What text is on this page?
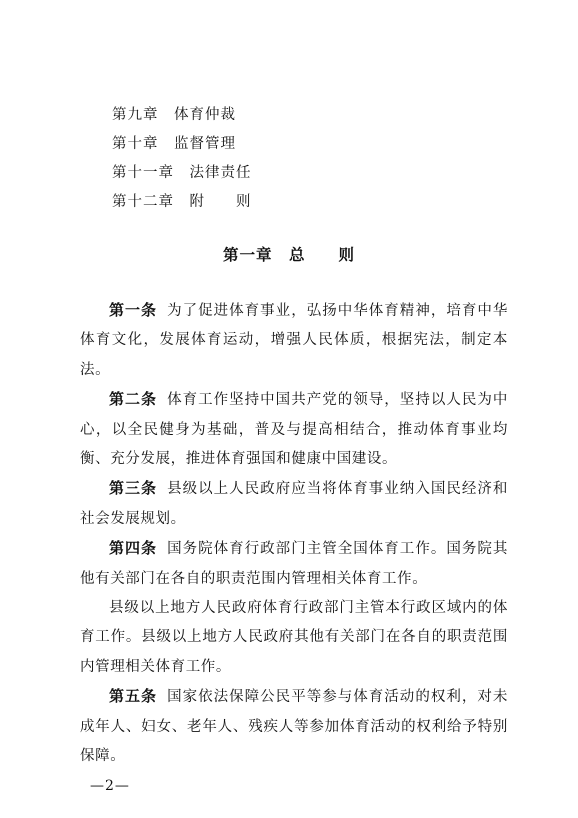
第九章　体育仲裁
第十章　监督管理
第十一章　法律责任
第十二章　附　　则
第一章　总　　则

第一条 为了促进体育事业，弘扬中华体育精神，培育中华体育文化，发展体育运动，增强人民体质，根据宪法，制定本法。

第二条 体育工作坚持中国共产党的领导，坚持以人民为中心，以全民健身为基础，普及与提高相结合，推动体育事业均衡、充分发展，推进体育强国和健康中国建设。

第三条 县级以上人民政府应当将体育事业纳入国民经济和社会发展规划。

第四条 国务院体育行政部门主管全国体育工作。国务院其他有关部门在各自的职责范围内管理相关体育工作。

县级以上地方人民政府体育行政部门主管本行政区域内的体育工作。县级以上地方人民政府其他有关部门在各自的职责范围内管理相关体育工作。

第五条 国家依法保障公民平等参与体育活动的权利，对未成年人、妇女、老年人、残疾人等参加体育活动的权利给予特别保障。

—2—
